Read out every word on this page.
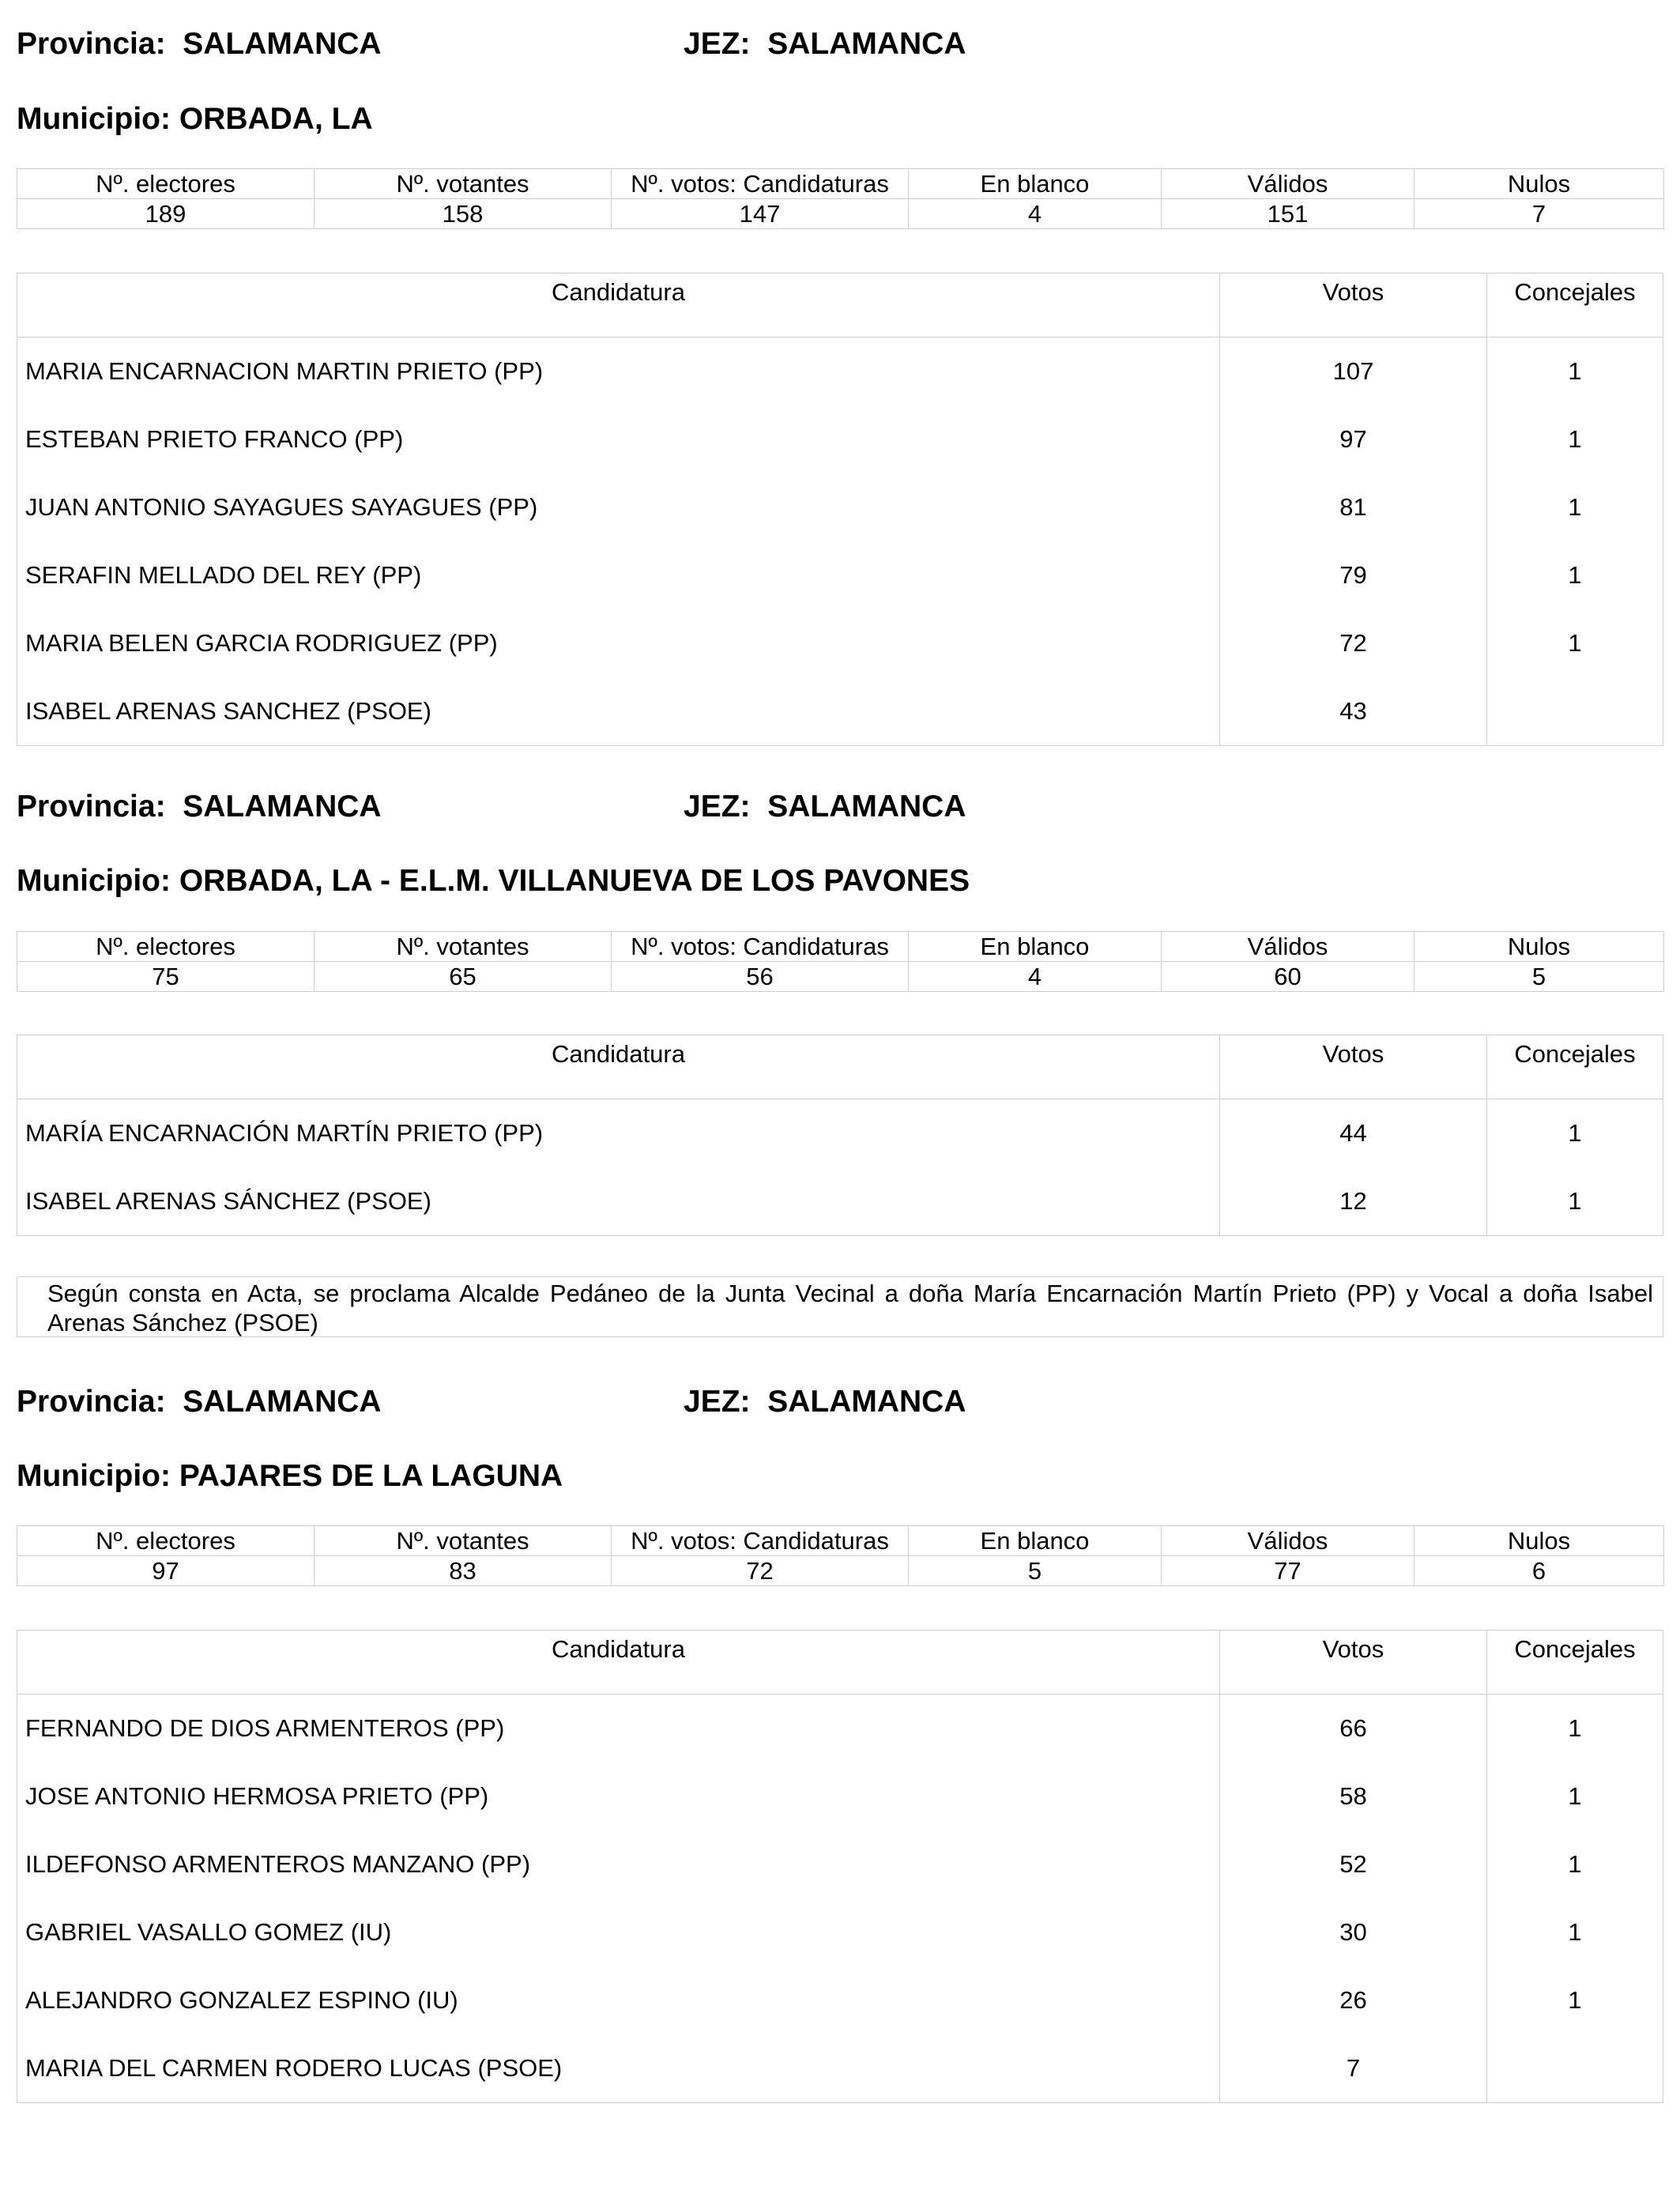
Provincia: SALAMANCA	JEZ: SALAMANCA
Municipio: ORBADA, LA
Nº. electores	Nº. votantes	Nº. votos: Candidaturas	En blanco	Válidos	Nulos
189	158	147	4	151	7
Candidatura	Votos	Concejales
MARIA ENCARNACION MARTIN PRIETO (PP)	107	1
ESTEBAN PRIETO FRANCO (PP)	97	1
JUAN ANTONIO SAYAGUES SAYAGUES (PP)	81	1
SERAFIN MELLADO DEL REY (PP)	79	1
MARIA BELEN GARCIA RODRIGUEZ (PP)	72	1
ISABEL ARENAS SANCHEZ (PSOE)	43
Provincia: SALAMANCA	JEZ: SALAMANCA
Municipio: ORBADA, LA - E.L.M. VILLANUEVA DE LOS PAVONES
Nº. electores	Nº. votantes	Nº. votos: Candidaturas	En blanco	Válidos	Nulos
75	65	56	4	60	5
Candidatura	Votos	Concejales
MARÍA ENCARNACIÓN MARTÍN PRIETO (PP)	44	1
ISABEL ARENAS SÁNCHEZ (PSOE)	12	1
Según consta en Acta, se proclama Alcalde Pedáneo de la Junta Vecinal a doña María Encarnación Martín Prieto (PP) y Vocal a doña Isabel Arenas Sánchez (PSOE)
Provincia: SALAMANCA	JEZ: SALAMANCA
Municipio: PAJARES DE LA LAGUNA
Nº. electores	Nº. votantes	Nº. votos: Candidaturas	En blanco	Válidos	Nulos
97	83	72	5	77	6
Candidatura	Votos	Concejales
FERNANDO DE DIOS ARMENTEROS (PP)	66	1
JOSE ANTONIO HERMOSA PRIETO (PP)	58	1
ILDEFONSO ARMENTEROS MANZANO (PP)	52	1
GABRIEL VASALLO GOMEZ (IU)	30	1
ALEJANDRO GONZALEZ ESPINO (IU)	26	1
MARIA DEL CARMEN RODERO LUCAS (PSOE)	7
